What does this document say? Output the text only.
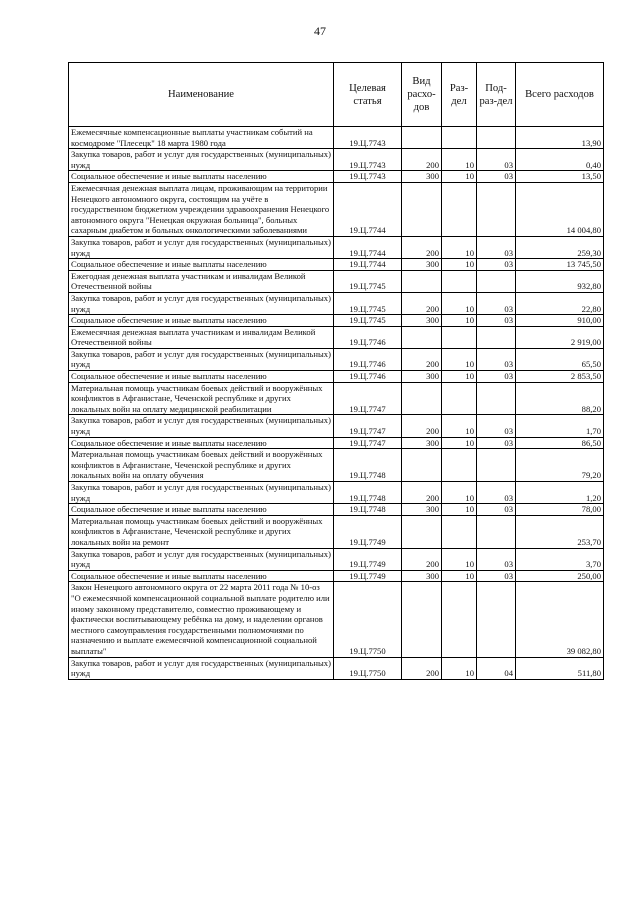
47
Наименование	Целевая статья	Вид расхо-дов	Раз-дел	Под-раз-дел	Всего расходов
Ежемесячные компенсационные выплаты участникам событий на космодроме "Плесецк" 18 марта 1980 года	19.Ц.7743				13,90
Закупка товаров, работ и услуг для государственных (муниципальных) нужд	19.Ц.7743	200	10	03	0,40
Социальное обеспечение и иные выплаты населению	19.Ц.7743	300	10	03	13,50
Ежемесячная денежная выплата лицам, проживающим на территории Ненецкого автономного округа, состоящим на учёте в государственном бюджетном учреждении здравоохранения Ненецкого автономного округа "Ненецкая окружная больница", больных сахарным диабетом и больных онкологическими заболеваниями	19.Ц.7744				14 004,80
Закупка товаров, работ и услуг для государственных (муниципальных) нужд	19.Ц.7744	200	10	03	259,30
Социальное обеспечение и иные выплаты населению	19.Ц.7744	300	10	03	13 745,50
Ежегодная денежная выплата участникам и инвалидам Великой Отечественной войны	19.Ц.7745				932,80
Закупка товаров, работ и услуг для государственных (муниципальных) нужд	19.Ц.7745	200	10	03	22,80
Социальное обеспечение и иные выплаты населению	19.Ц.7745	300	10	03	910,00
Ежемесячная денежная выплата участникам и инвалидам Великой Отечественной войны	19.Ц.7746				2 919,00
Закупка товаров, работ и услуг для государственных (муниципальных) нужд	19.Ц.7746	200	10	03	65,50
Социальное обеспечение и иные выплаты населению	19.Ц.7746	300	10	03	2 853,50
Материальная помощь участникам боевых действий и вооружённых конфликтов в Афганистане, Чеченской республике и других локальных войн на оплату медицинской реабилитации	19.Ц.7747				88,20
Закупка товаров, работ и услуг для государственных (муниципальных) нужд	19.Ц.7747	200	10	03	1,70
Социальное обеспечение и иные выплаты населению	19.Ц.7747	300	10	03	86,50
Материальная помощь участникам боевых действий и вооружённых конфликтов в Афганистане, Чеченской республике и других локальных войн на оплату обучения	19.Ц.7748				79,20
Закупка товаров, работ и услуг для государственных (муниципальных) нужд	19.Ц.7748	200	10	03	1,20
Социальное обеспечение и иные выплаты населению	19.Ц.7748	300	10	03	78,00
Материальная помощь участникам боевых действий и вооружённых конфликтов в Афганистане, Чеченской республике и других локальных войн на ремонт	19.Ц.7749				253,70
Закупка товаров, работ и услуг для государственных (муниципальных) нужд	19.Ц.7749	200	10	03	3,70
Социальное обеспечение и иные выплаты населению	19.Ц.7749	300	10	03	250,00
Закон Ненецкого автономного округа от 22 марта 2011 года № 10-оз "О ежемесячной компенсационной социальной выплате родителю или иному законному представителю, совместно проживающему и фактически воспитывающему ребёнка на дому, и наделении органов местного самоуправления государственными полномочиями по назначению и выплате ежемесячной компенсационной социальной выплаты"	19.Ц.7750				39 082,80
Закупка товаров, работ и услуг для государственных (муниципальных) нужд	19.Ц.7750	200	10	04	511,80
